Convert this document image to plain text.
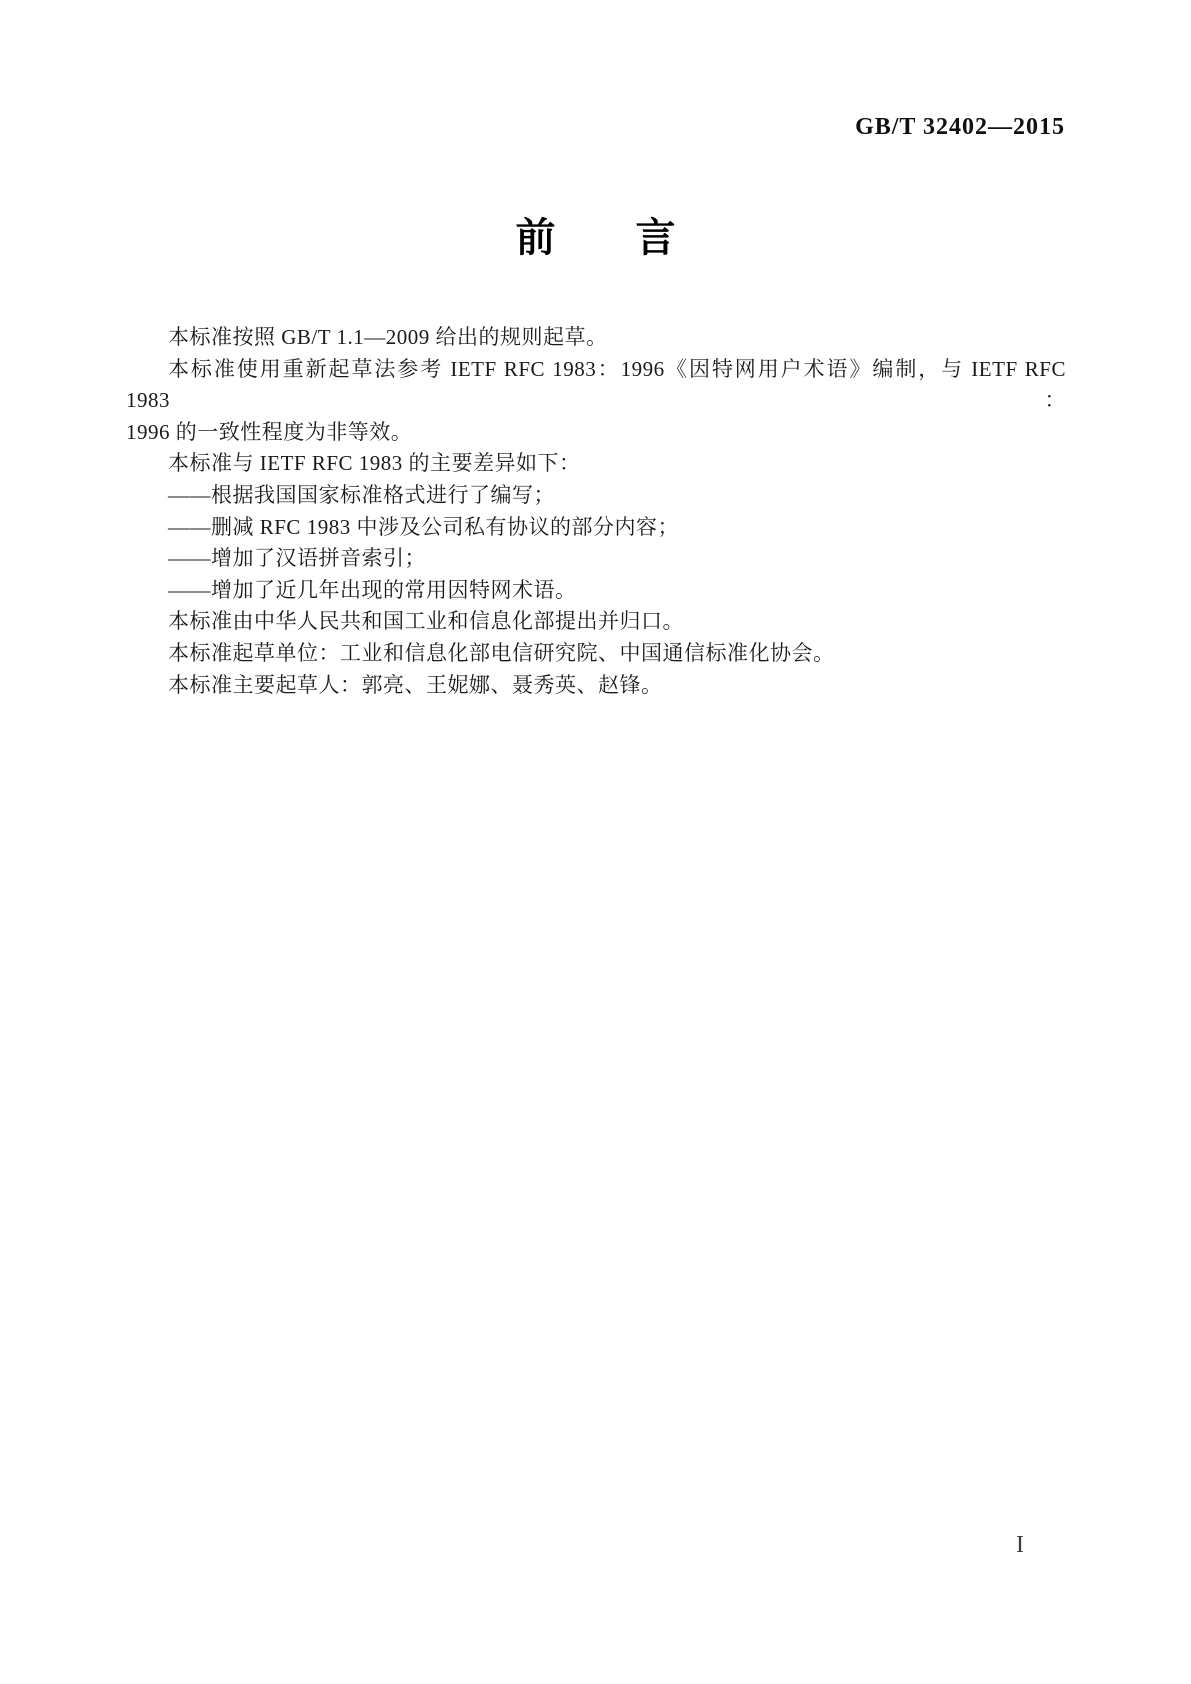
GB/T 32402—2015
前　　言
本标准按照 GB/T 1.1—2009 给出的规则起草。
本标准使用重新起草法参考 IETF RFC 1983：1996《因特网用户术语》编制，与 IETF RFC 1983：
1996 的一致性程度为非等效。
本标准与 IETF RFC 1983 的主要差异如下：
——根据我国国家标准格式进行了编写；
——删减 RFC 1983 中涉及公司私有协议的部分内容；
——增加了汉语拼音索引；
——增加了近几年出现的常用因特网术语。
本标准由中华人民共和国工业和信息化部提出并归口。
本标准起草单位：工业和信息化部电信研究院、中国通信标准化协会。
本标准主要起草人：郭亮、王妮娜、聂秀英、赵锋。
I
